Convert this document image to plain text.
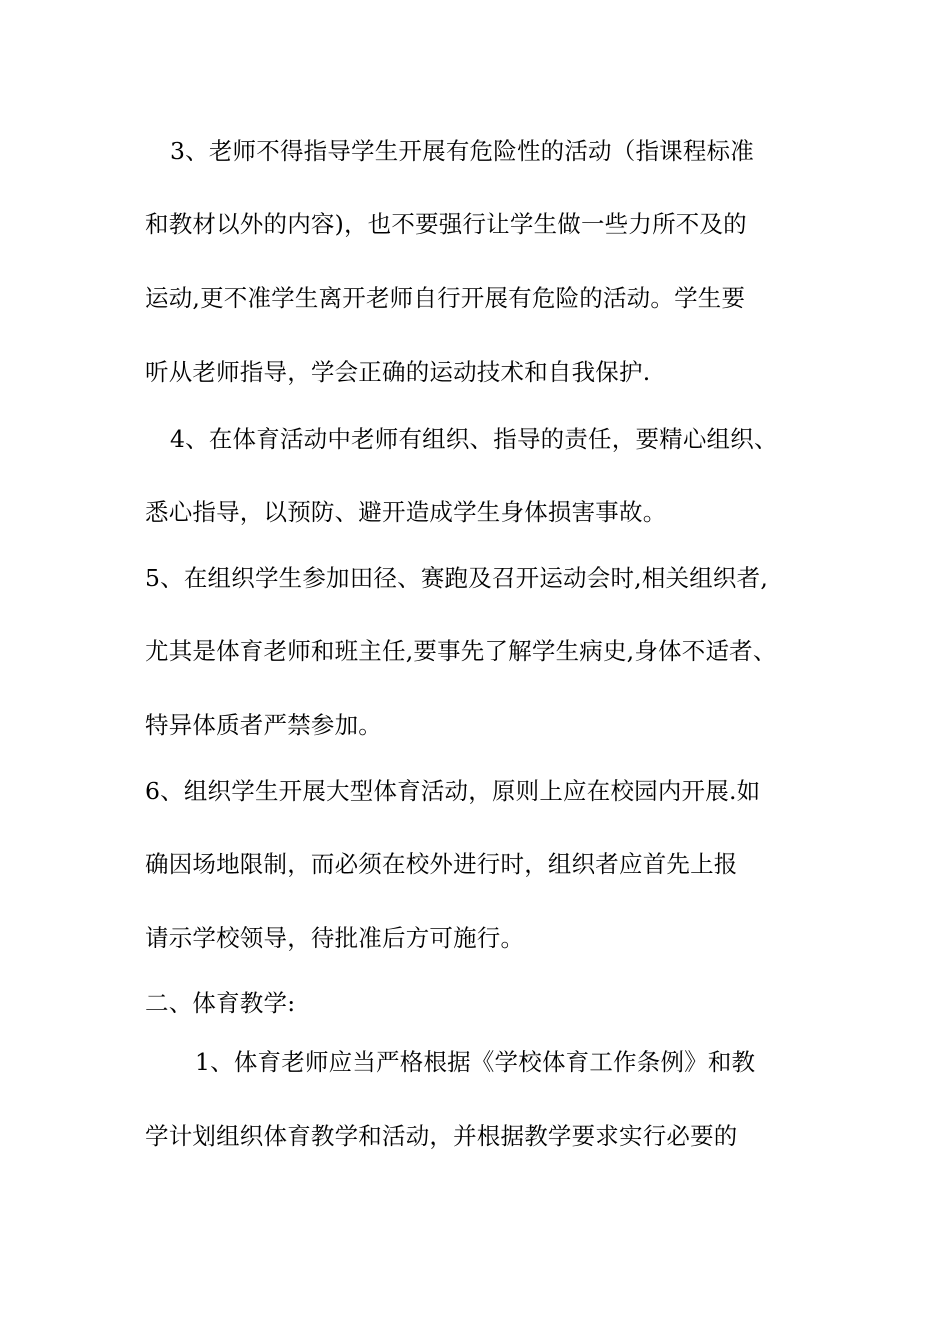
3、老师不得指导学生开展有危险性的活动（指课程标准
和教材以外的内容)，也不要强行让学生做一些力所不及的
运动,更不准学生离开老师自行开展有危险的活动。学生要
听从老师指导，学会正确的运动技术和自我保护.
4、在体育活动中老师有组织、指导的责任，要精心组织、
悉心指导，以预防、避开造成学生身体损害事故。
5、在组织学生参加田径、赛跑及召开运动会时,相关组织者,
尤其是体育老师和班主任,要事先了解学生病史,身体不适者、
特异体质者严禁参加。
6、组织学生开展大型体育活动，原则上应在校园内开展.如
确因场地限制，而必须在校外进行时，组织者应首先上报
请示学校领导，待批准后方可施行。
二、体育教学:
1、体育老师应当严格根据《学校体育工作条例》和教
学计划组织体育教学和活动，并根据教学要求实行必要的
